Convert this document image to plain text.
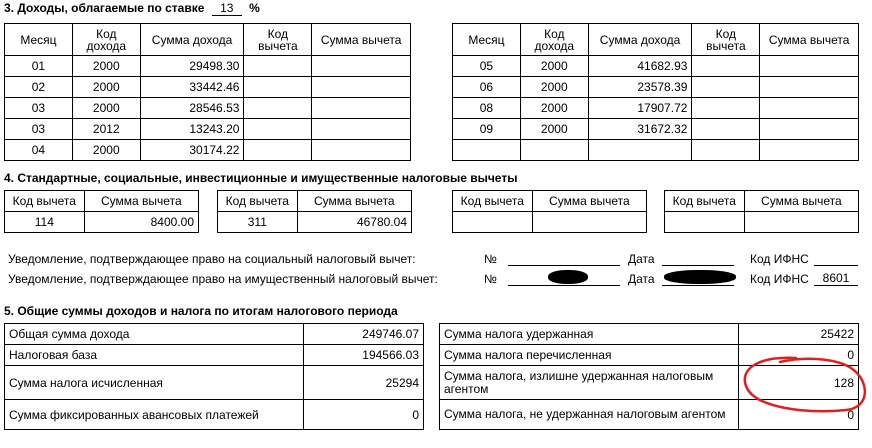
3. Доходы, облагаемые по ставке 13 %
Месяц	Код дохода	Сумма дохода	Код вычета	Сумма вычета
01	2000	29498.30		
02	2000	33442.46		
03	2000	28546.53		
03	2012	13243.20		
04	2000	30174.22		
Месяц	Код дохода	Сумма дохода	Код вычета	Сумма вычета
05	2000	41682.93		
06	2000	23578.39		
08	2000	17907.72		
09	2000	31672.32		

4. Стандартные, социальные, инвестиционные и имущественные налоговые вычеты
Код вычета	Сумма вычета
114	8400.00
Код вычета	Сумма вычета
311	46780.04
Код вычета	Сумма вычета
		Код вычета	Сумма вычета

Уведомление, подтверждающее право на социальный налоговый вычет:	№	Дата	Код ИФНС
Уведомление, подтверждающее право на имущественный налоговый вычет:	№	Дата	Код ИФНС	8601
5. Общие суммы доходов и налога по итогам налогового периода
Общая сумма дохода	249746.07
Налоговая база	194566.03
Сумма налога исчисленная	25294
Сумма фиксированных авансовых платежей	0
Сумма налога удержанная	25422
Сумма налога перечисленная	0
Сумма налога, излишне удержанная налоговым агентом	128
Сумма налога, не удержанная налоговым агентом	0
